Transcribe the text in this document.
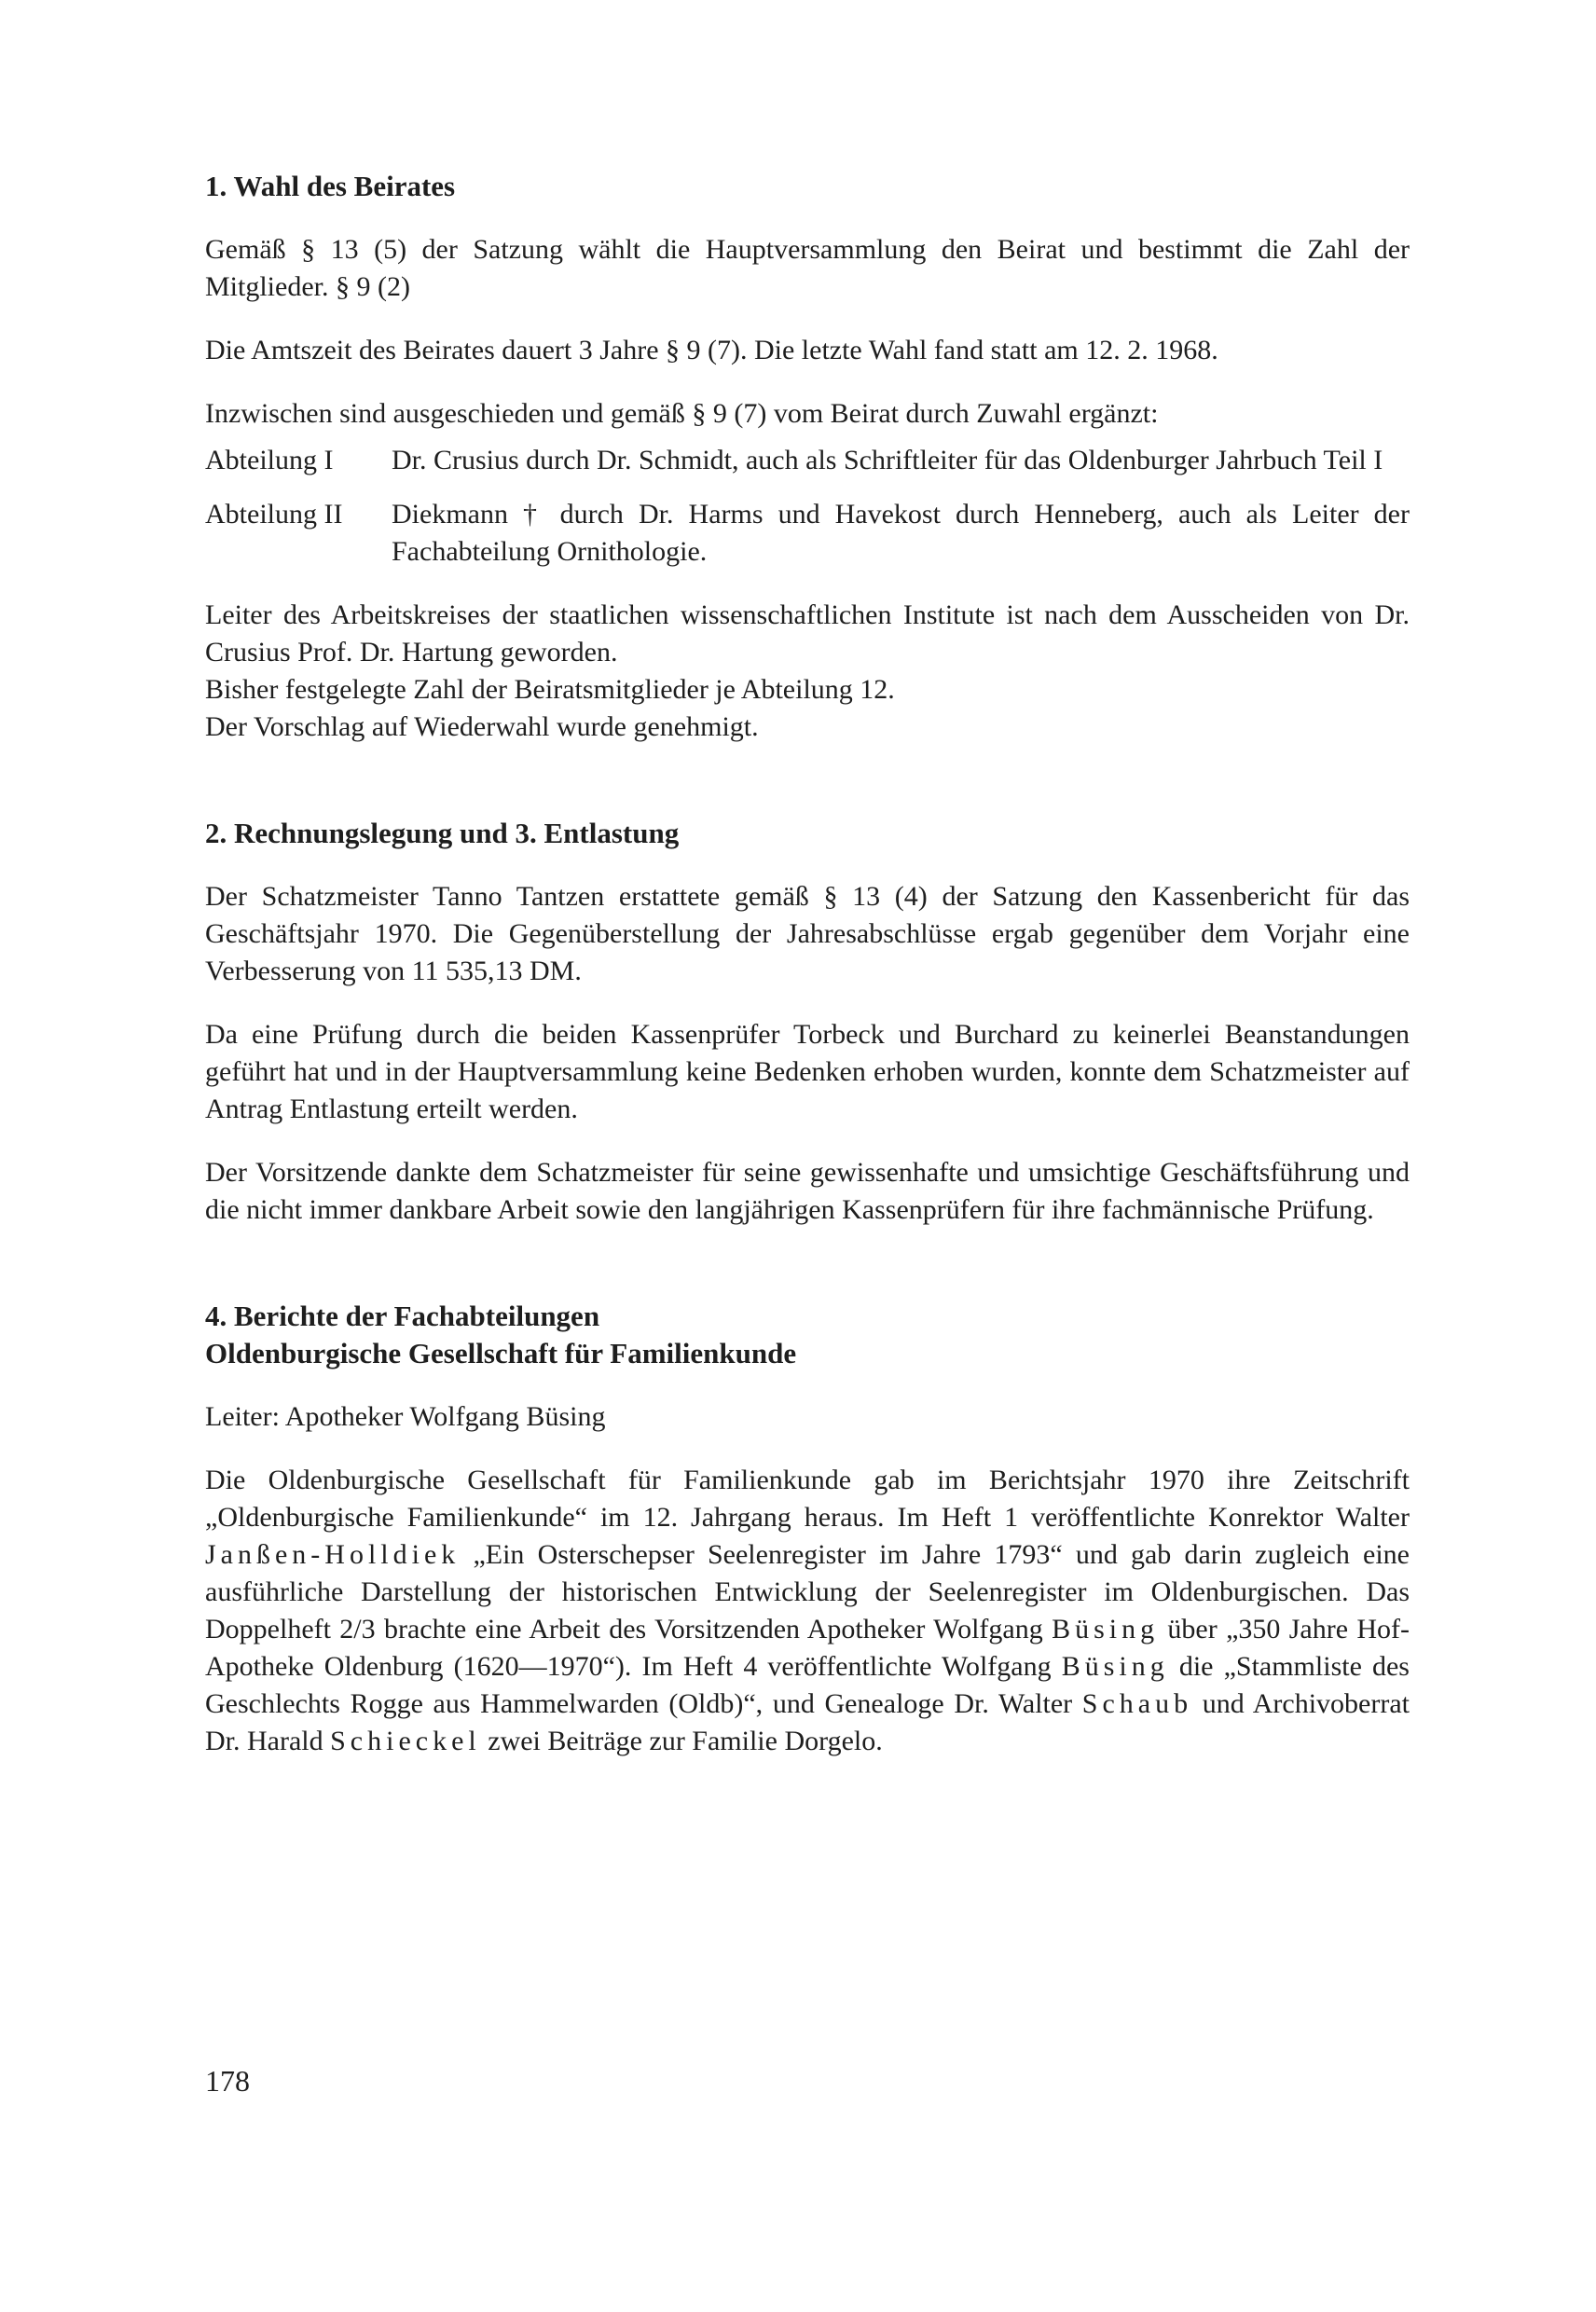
1. Wahl des Beirates

Gemäß § 13 (5) der Satzung wählt die Hauptversammlung den Beirat und bestimmt die Zahl der Mitglieder. § 9 (2)

Die Amtszeit des Beirates dauert 3 Jahre § 9 (7). Die letzte Wahl fand statt am 12. 2. 1968.

Inzwischen sind ausgeschieden und gemäß § 9 (7) vom Beirat durch Zuwahl ergänzt:

Abteilung I	Dr. Crusius durch Dr. Schmidt, auch als Schriftleiter für das Oldenburger Jahrbuch Teil I
Abteilung II	Diekmann † durch Dr. Harms und Havekost durch Henneberg, auch als Leiter der Fachabteilung Ornithologie.

Leiter des Arbeitskreises der staatlichen wissenschaftlichen Institute ist nach dem Ausscheiden von Dr. Crusius Prof. Dr. Hartung geworden.

Bisher festgelegte Zahl der Beiratsmitglieder je Abteilung 12.
Der Vorschlag auf Wiederwahl wurde genehmigt.
2. Rechnungslegung und 3. Entlastung

Der Schatzmeister Tanno Tantzen erstattete gemäß § 13 (4) der Satzung den Kassenbericht für das Geschäftsjahr 1970. Die Gegenüberstellung der Jahresabschlüsse ergab gegenüber dem Vorjahr eine Verbesserung von 11 535,13 DM.

Da eine Prüfung durch die beiden Kassenprüfer Torbeck und Burchard zu keinerlei Beanstandungen geführt hat und in der Hauptversammlung keine Bedenken erhoben wurden, konnte dem Schatzmeister auf Antrag Entlastung erteilt werden.

Der Vorsitzende dankte dem Schatzmeister für seine gewissenhafte und umsichtige Geschäftsführung und die nicht immer dankbare Arbeit sowie den langjährigen Kassenprüfern für ihre fachmännische Prüfung.

4. Berichte der Fachabteilungen
Oldenburgische Gesellschaft für Familienkunde

Leiter: Apotheker Wolfgang Büsing

Die Oldenburgische Gesellschaft für Familienkunde gab im Berichtsjahr 1970 ihre Zeitschrift „Oldenburgische Familienkunde“ im 12. Jahrgang heraus. Im Heft 1 veröffentlichte Konrektor Walter Janßen-Holldiek „Ein Osterschepser Seelenregister im Jahre 1793“ und gab darin zugleich eine ausführliche Darstellung der historischen Entwicklung der Seelenregister im Oldenburgischen. Das Doppelheft 2/3 brachte eine Arbeit des Vorsitzenden Apotheker Wolfgang Büsing über „350 Jahre Hof-Apotheke Oldenburg (1620—1970“). Im Heft 4 veröffentlichte Wolfgang Büsing die „Stammliste des Geschlechts Rogge aus Hammelwarden (Oldb)“, und Genealoge Dr. Walter Schaub und Archivoberrat Dr. Harald Schieckel zwei Beiträge zur Familie Dorgelo.

178
